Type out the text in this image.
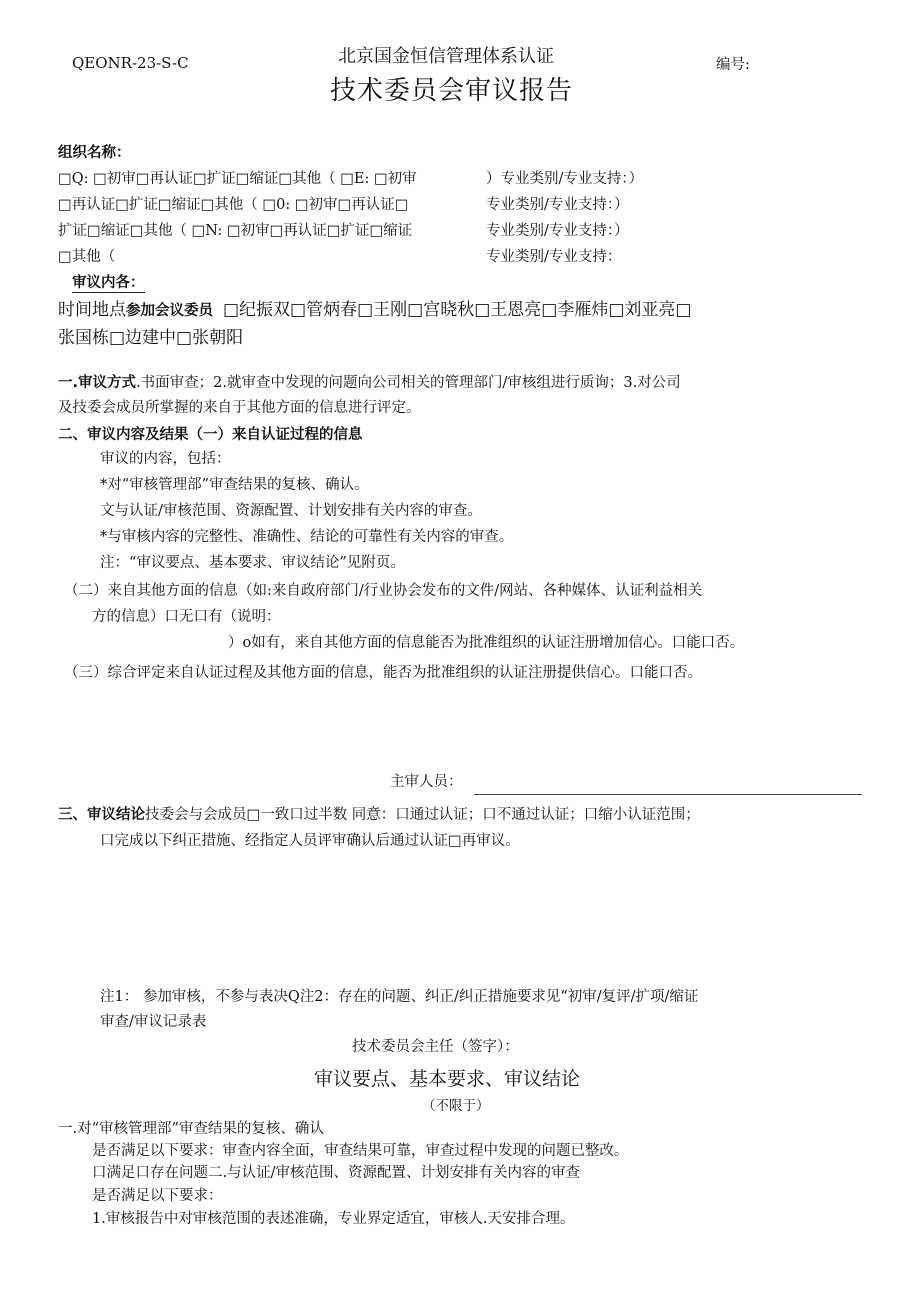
QEONR-23-S-C	北京国金恒信管理体系认证
技术委员会审议报告
编号:
组织名称：
□Q: □初审□再认证□扩证□缩证□其他（ □E: □初审
□再认证□扩证□缩证□其他（ □0: □初审□再认证□
扩证□缩证□其他（ □N: □初审□再认证□扩证□缩证
□其他（
）专业类别/专业支持：）
专业类别/专业支持：）
专业类别/专业支持：）
专业类别/专业支持：
审议内各：
时间地点参加会议委员 □纪振双□管炳春□王刚□宫晓秋□王恩亮□李雁炜□刘亚亮□
张国栋□边建中□张朝阳
一.审议方式.书面审查；2.就审查中发现的问题向公司相关的管理部门/审核组进行质询；3.对公司
及技委会成员所掌握的来自于其他方面的信息进行评定。
二、审议内容及结果（一）来自认证过程的信息
审议的内容，包括：
*对“审核管理部”审查结果的复核、确认。
文与认证/审核范围、资源配置、计划安排有关内容的审查。
*与审核内容的完整性、准确性、结论的可靠性有关内容的审查。
注：“审议要点、基本要求、审议结论”见附页。
（二）来自其他方面的信息（如:来自政府部门/行业协会发布的文件/网站、各种媒体、认证利益相关
方的信息）口无口有（说明：
）o如有，来自其他方面的信息能否为批准组织的认证注册增加信心。口能口否。
（三）综合评定来自认证过程及其他方面的信息，能否为批准组织的认证注册提供信心。口能口否。
主审人员：
三、审议结论技委会与会成员□一致口过半数 同意：口通过认证；口不通过认证；口缩小认证范围；
口完成以下纠正措施、经指定人员评审确认后通过认证□再审议。
注1： 参加审核，不参与表决Q注2：存在的问题、纠正/纠正措施要求见“初审/复评/扩项/缩证
审查/审议记录表
技术委员会主任（签字）：
审议要点、基本要求、审议结论
（不限于）
一.对“审核管理部”审查结果的复核、确认
是否满足以下要求：审查内容全面，审查结果可靠，审查过程中发现的问题已整改。
口满足口存在问题二.与认证/审核范围、资源配置、计划安排有关内容的审查
是否满足以下要求：
1.审核报告中对审核范围的表述准确，专业界定适宜，审核人.天安排合理。
